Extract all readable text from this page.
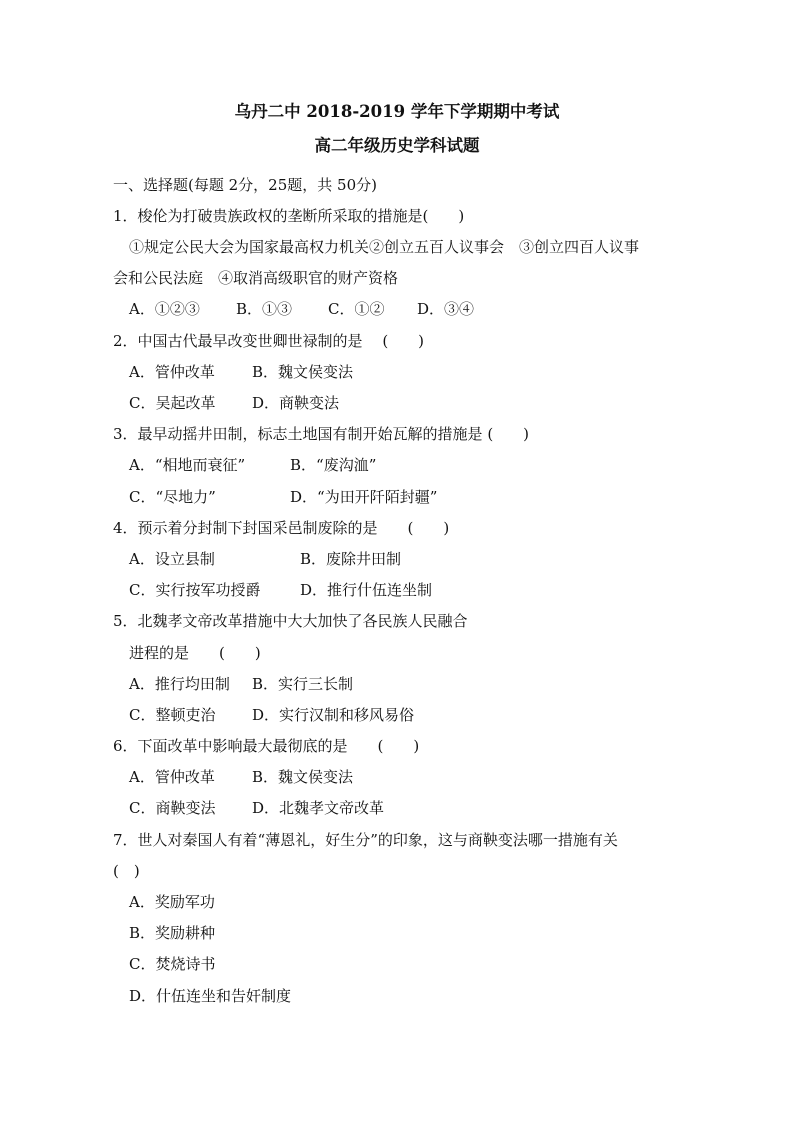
乌丹二中 2018-2019 学年下学期期中考试
高二年级历史学科试题
一、选择题(每题 2分，25题，共 50分)
1．梭伦为打破贵族政权的垄断所采取的措施是(　　)
①规定公民大会为国家最高权力机关②创立五百人议事会　③创立四百人议事
会和公民法庭　④取消高级职官的财产资格
A．①②③ B．①③ C．①② D．③④
2．中国古代最早改变世卿世禄制的是　 (　　)
A．管仲改革 B．魏文侯变法
C．吴起改革 D．商鞅变法
3．最早动摇井田制，标志土地国有制开始瓦解的措施是 (　　)
A．“相地而衰征”	B．“废沟洫”
C．“尽地力”	D．“为田开阡陌封疆”
4．预示着分封制下封国采邑制废除的是　　(　　)
A．设立县制	B．废除井田制
C．实行按军功授爵	D．推行什伍连坐制
5．北魏孝文帝改革措施中大大加快了各民族人民融合
进程的是　　(　　)
A．推行均田制 B．实行三长制
C．整顿吏治 D．实行汉制和移风易俗
6．下面改革中影响最大最彻底的是　　(　　)
A．管仲改革 B．魏文侯变法
C．商鞅变法 D．北魏孝文帝改革
7．世人对秦国人有着“薄恩礼，好生分”的印象，这与商鞅变法哪一措施有关
(　)
A．奖励军功
B．奖励耕种
C．焚烧诗书
D．什伍连坐和告奸制度
